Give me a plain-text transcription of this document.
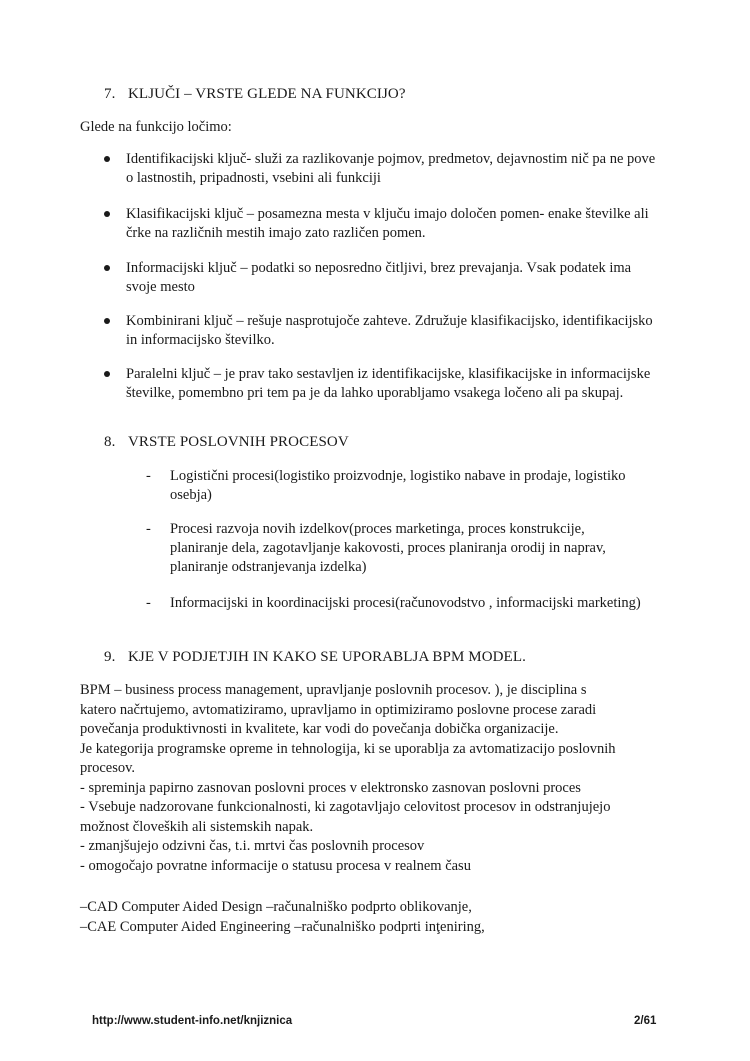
7. KLJUČI – VRSTE GLEDE NA FUNKCIJO?
Glede na funkcijo ločimo:
Identifikacijski ključ- služi za razlikovanje pojmov, predmetov, dejavnostim nič pa ne pove o lastnostih, pripadnosti, vsebini ali funkciji
Klasifikacijski ključ – posamezna mesta v ključu imajo določen pomen- enake številke ali črke na različnih mestih imajo zato različen pomen.
Informacijski ključ – podatki so neposredno čitljivi, brez prevajanja. Vsak podatek ima svoje mesto
Kombinirani ključ – rešuje nasprotujoče zahteve. Združuje klasifikacijsko, identifikacijsko in informacijsko številko.
Paralelni ključ – je prav tako sestavljen iz identifikacijske, klasifikacijske in informacijske številke, pomembno pri tem pa je da lahko uporabljamo vsakega ločeno ali pa skupaj.
8. VRSTE POSLOVNIH PROCESOV
- Logistični procesi(logistiko proizvodnje, logistiko nabave in prodaje, logistiko osebja)
- Procesi razvoja novih izdelkov(proces marketinga, proces konstrukcije, planiranje dela, zagotavljanje kakovosti, proces planiranja orodij in naprav, planiranje odstranjevanja izdelka)
- Informacijski in koordinacijski procesi(računovodstvo , informacijski marketing)
9. KJE V PODJETJIH IN KAKO SE UPORABLJA BPM MODEL.
BPM – business process management, upravljanje poslovnih procesov. ), je disciplina s
katero načrtujemo, avtomatiziramo, upravljamo in optimiziramo poslovne procese zaradi
povečanja produktivnosti in kvalitete, kar vodi do povečanja dobička organizacije.
Je kategorija programske opreme in tehnologija, ki se uporablja za avtomatizacijo poslovnih
procesov.
- spreminja papirno zasnovan poslovni proces v elektronsko zasnovan poslovni proces
- Vsebuje nadzorovane funkcionalnosti, ki zagotavljajo celovitost procesov in odstranjujejo
možnost človeških ali sistemskih napak.
- zmanjšujejo odzivni čas, t.i. mrtvi čas poslovnih procesov
- omogočajo povratne informacije o statusu procesa v realnem času
–CAD Computer Aided Design –računalniško podprto oblikovanje,
–CAE Computer Aided Engineering –računalniško podprti inţeniring,
http://www.student-info.net/knjiznica	2/61
